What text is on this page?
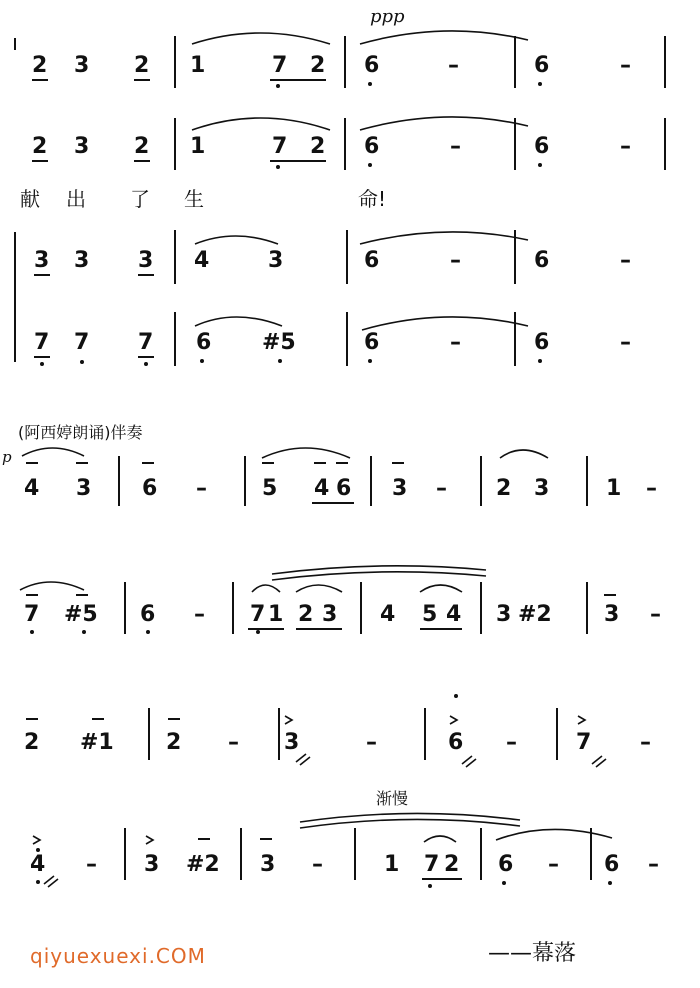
ppp
p
2 3 2 1	7 2 6	–	6	–
2 3 2 1	7 2 6	–	6	–
献 出 了 生	命!
3 3 3 4	3	6	–	6	–
7 7 7 6 #5	6	–	6	–
(阿西婷朗诵)伴奏
4 3 6 –	5 4 6 3 – 2 3	1 –
7 #5 6 – 7 1 2 3 4 5 4 3 #2 3 –
2 #1 2 – 3	–	6 –	7 –
渐慢
4 – 3 #2 3 –	1 7 2 6 – 6 –
——幕落
qiyuexuexi.COM
